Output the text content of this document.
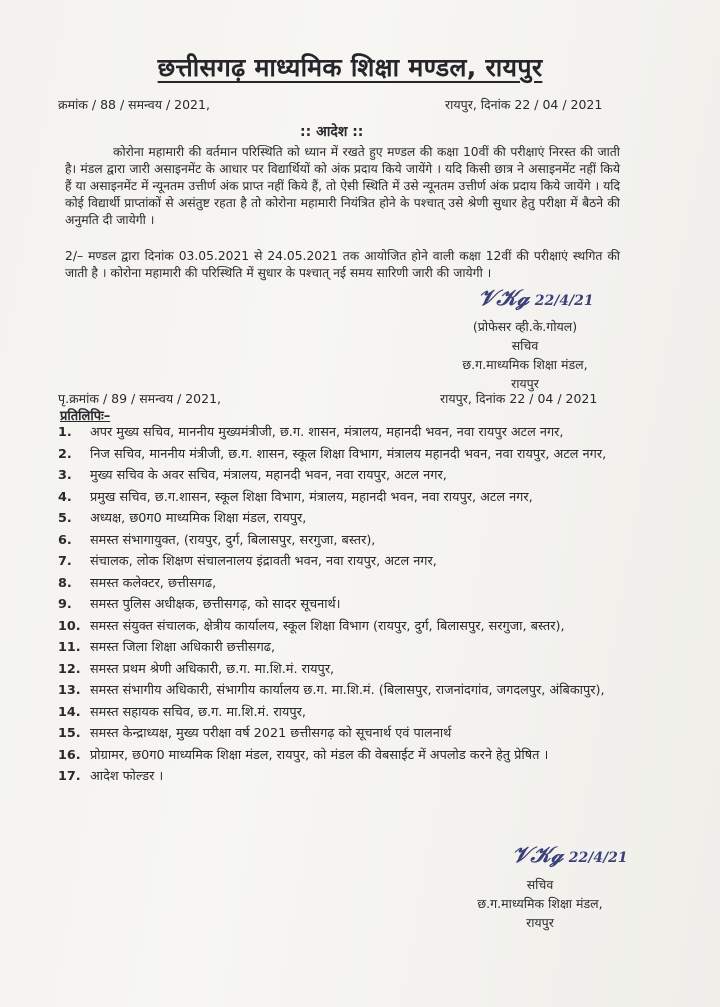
छत्तीसगढ़ माध्यमिक शिक्षा मण्डल, रायपुर
क्रमांक / 88 / समन्वय / 2021,	रायपुर, दिनांक 22 / 04 / 2021
:: आदेश ::
कोरोना महामारी की वर्तमान परिस्थिति को ध्यान में रखते हुए मण्डल की कक्षा 10वीं की परीक्षाएं निरस्त की जाती है। मंडल द्वारा जारी असाइनमेंट के आधार पर विद्यार्थियों को अंक प्रदाय किये जायेंगे । यदि किसी छात्र ने असाइनमेंट नहीं किये हैं या असाइनमेंट में न्यूनतम उत्तीर्ण अंक प्राप्त नहीं किये हैं, तो ऐसी स्थिति में उसे न्यूनतम उत्तीर्ण अंक प्रदाय किये जायेंगे । यदि कोई विद्यार्थी प्राप्तांकों से असंतुष्ट रहता है तो कोरोना महामारी नियंत्रित होने के पश्चात् उसे श्रेणी सुधार हेतु परीक्षा में बैठने की अनुमति दी जायेगी ।
2/– मण्डल द्वारा दिनांक 03.05.2021 से 24.05.2021 तक आयोजित होने वाली कक्षा 12वीं की परीक्षाएं स्थगित की जाती है । कोरोना महामारी की परिस्थिति में सुधार के पश्चात् नई समय सारिणी जारी की जायेगी ।
𝒱𝒦ℊ 22/4/21
(प्रोफेसर व्ही.के.गोयल)
सचिव
छ.ग.माध्यमिक शिक्षा मंडल,
रायपुर
पृ.क्रमांक / 89 / समन्वय / 2021,	रायपुर, दिनांक 22 / 04 / 2021
प्रतिलिपिः–
1. अपर मुख्य सचिव, माननीय मुख्यमंत्रीजी, छ.ग. शासन, मंत्रालय, महानदी भवन, नवा रायपुर अटल नगर,
2. निज सचिव, माननीय मंत्रीजी, छ.ग. शासन, स्कूल शिक्षा विभाग, मंत्रालय महानदी भवन, नवा रायपुर, अटल नगर,
3. मुख्य सचिव के अवर सचिव, मंत्रालय, महानदी भवन, नवा रायपुर, अटल नगर,
4. प्रमुख सचिव, छ.ग.शासन, स्कूल शिक्षा विभाग, मंत्रालय, महानदी भवन, नवा रायपुर, अटल नगर,
5. अध्यक्ष, छ0ग0 माध्यमिक शिक्षा मंडल, रायपुर,
6. समस्त संभागायुक्त, (रायपुर, दुर्ग, बिलासपुर, सरगुजा, बस्तर),
7. संचालक, लोक शिक्षण संचालनालय इंद्रावती भवन, नवा रायपुर, अटल नगर,
8. समस्त कलेक्टर, छत्तीसगढ,
9. समस्त पुलिस अधीक्षक, छत्तीसगढ़, को सादर सूचनार्थ।
10. समस्त संयुक्त संचालक, क्षेत्रीय कार्यालय, स्कूल शिक्षा विभाग (रायपुर, दुर्ग, बिलासपुर, सरगुजा, बस्तर),
11. समस्त जिला शिक्षा अधिकारी छत्तीसगढ,
12. समस्त प्रथम श्रेणी अधिकारी, छ.ग. मा.शि.मं. रायपुर,
13. समस्त संभागीय अधिकारी, संभागीय कार्यालय छ.ग. मा.शि.मं. (बिलासपुर, राजनांदगांव, जगदलपुर, अंबिकापुर),
14. समस्त सहायक सचिव, छ.ग. मा.शि.मं. रायपुर,
15. समस्त केन्द्राध्यक्ष, मुख्य परीक्षा वर्ष 2021 छत्तीसगढ़ को सूचनार्थ एवं पालनार्थ
16. प्रोग्रामर, छ0ग0 माध्यमिक शिक्षा मंडल, रायपुर, को मंडल की वेबसाईट में अपलोड करने हेतु प्रेषित ।
17. आदेश फोल्डर ।
𝒱𝒦ℊ 22/4/21
सचिव
छ.ग.माध्यमिक शिक्षा मंडल,
रायपुर
